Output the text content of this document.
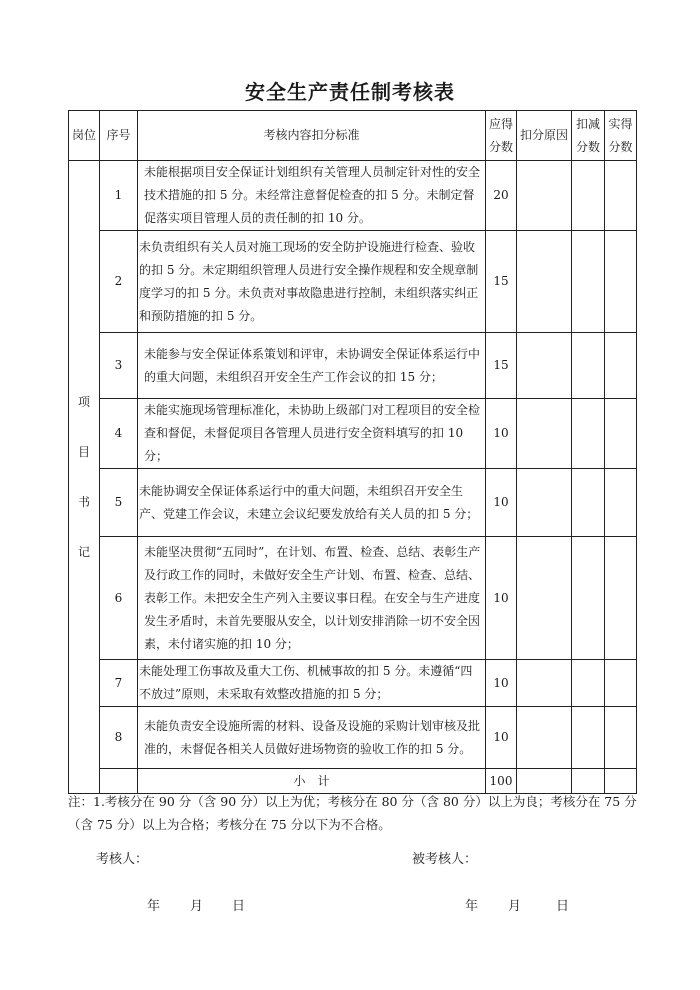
安全生产责任制考核表
岗位	序号	考核内容扣分标准	应得分数	扣分原因	扣减分数	实得分数
项目书记	1	未能根据项目安全保证计划组织有关管理人员制定针对性的安全技术措施的扣 5 分。未经常注意督促检查的扣 5 分。未制定督促落实项目管理人员的责任制的扣 10 分。	20			
	2	未负责组织有关人员对施工现场的安全防护设施进行检查、验收的扣 5 分。未定期组织管理人员进行安全操作规程和安全规章制度学习的扣 5 分。未负责对事故隐患进行控制，未组织落实纠正和预防措施的扣 5 分。	15			
	3	未能参与安全保证体系策划和评审，未协调安全保证体系运行中的重大问题，未组织召开安全生产工作会议的扣 15 分；	15			
	4	未能实施现场管理标准化，未协助上级部门对工程项目的安全检查和督促，未督促项目各管理人员进行安全资料填写的扣 10 分；	10			
	5	未能协调安全保证体系运行中的重大问题，未组织召开安全生产、党建工作会议，未建立会议纪要发放给有关人员的扣 5 分；	10			
	6	未能坚决贯彻“五同时”，在计划、布置、检查、总结、表彰生产及行政工作的同时，未做好安全生产计划、布置、检查、总结、表彰工作。未把安全生产列入主要议事日程。在安全与生产进度发生矛盾时，未首先要服从安全，以计划安排消除一切不安全因素，未付诸实施的扣 10 分；	10			
	7	未能处理工伤事故及重大工伤、机械事故的扣 5 分。未遵循“四不放过”原则，未采取有效整改措施的扣 5 分；	10			
	8	未能负责安全设施所需的材料、设备及设施的采购计划审核及批准的，未督促各相关人员做好进场物资的验收工作的扣 5 分。	10			
		小　计	100			
注：1.考核分在 90 分（含 90 分）以上为优；考核分在 80 分（含 80 分）以上为良；考核分在 75 分（含 75 分）以上为合格；考核分在 75 分以下为不合格。
考核人：	被考核人：
年 月 日	年 月	日
